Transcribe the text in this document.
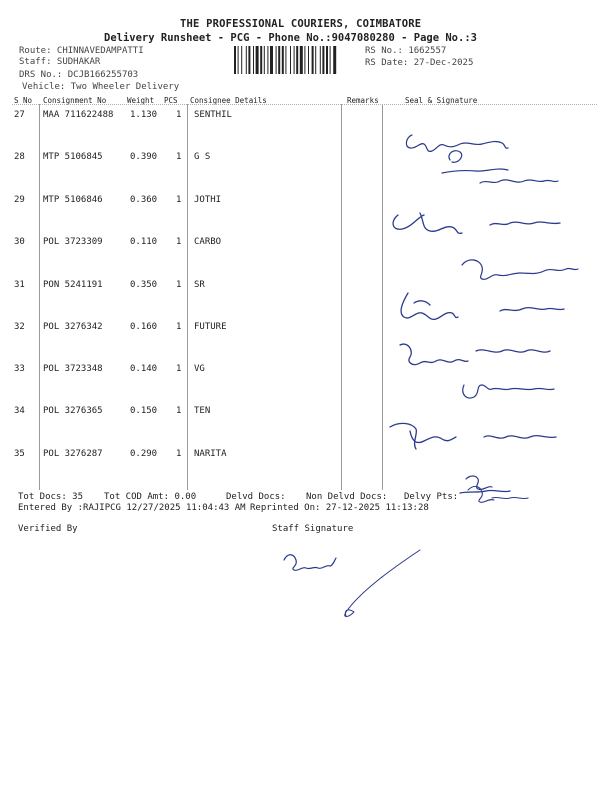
THE PROFESSIONAL COURIERS, COIMBATORE
Delivery Runsheet - PCG - Phone No.:9047080280 - Page No.:3
Route: CHINNAVEDAMPATTI
Staff: SUDHAKAR
DRS No.: DCJB166255703
Vehicle: Two Wheeler Delivery
RS No.: 1662557
RS Date: 27-Dec-2025
S No Consignment No	Weight PCS Consignee Details	Remarks	Seal & Signature
27 MAA 711622488 1.130 1 SENTHIL
28 MTP 5106845	0.390 1 G S
29 MTP 5106846	0.360 1 JOTHI
30 POL 3723309	0.110 1 CARBO
31 PON 5241191	0.350 1 SR
32 POL 3276342	0.160 1 FUTURE
33 POL 3723348	0.140 1 VG
34 POL 3276365	0.150 1 TEN
35 POL 3276287	0.290 1 NARITA
Tot Docs: 35 Tot COD Amt: 0.00	Delvd Docs: Non Delvd Docs: Delvy Pts:
Entered By :RAJIPCG 12/27/2025 11:04:43 AM Reprinted On: 27-12-2025 11:13:28
Verified By	Staff Signature
